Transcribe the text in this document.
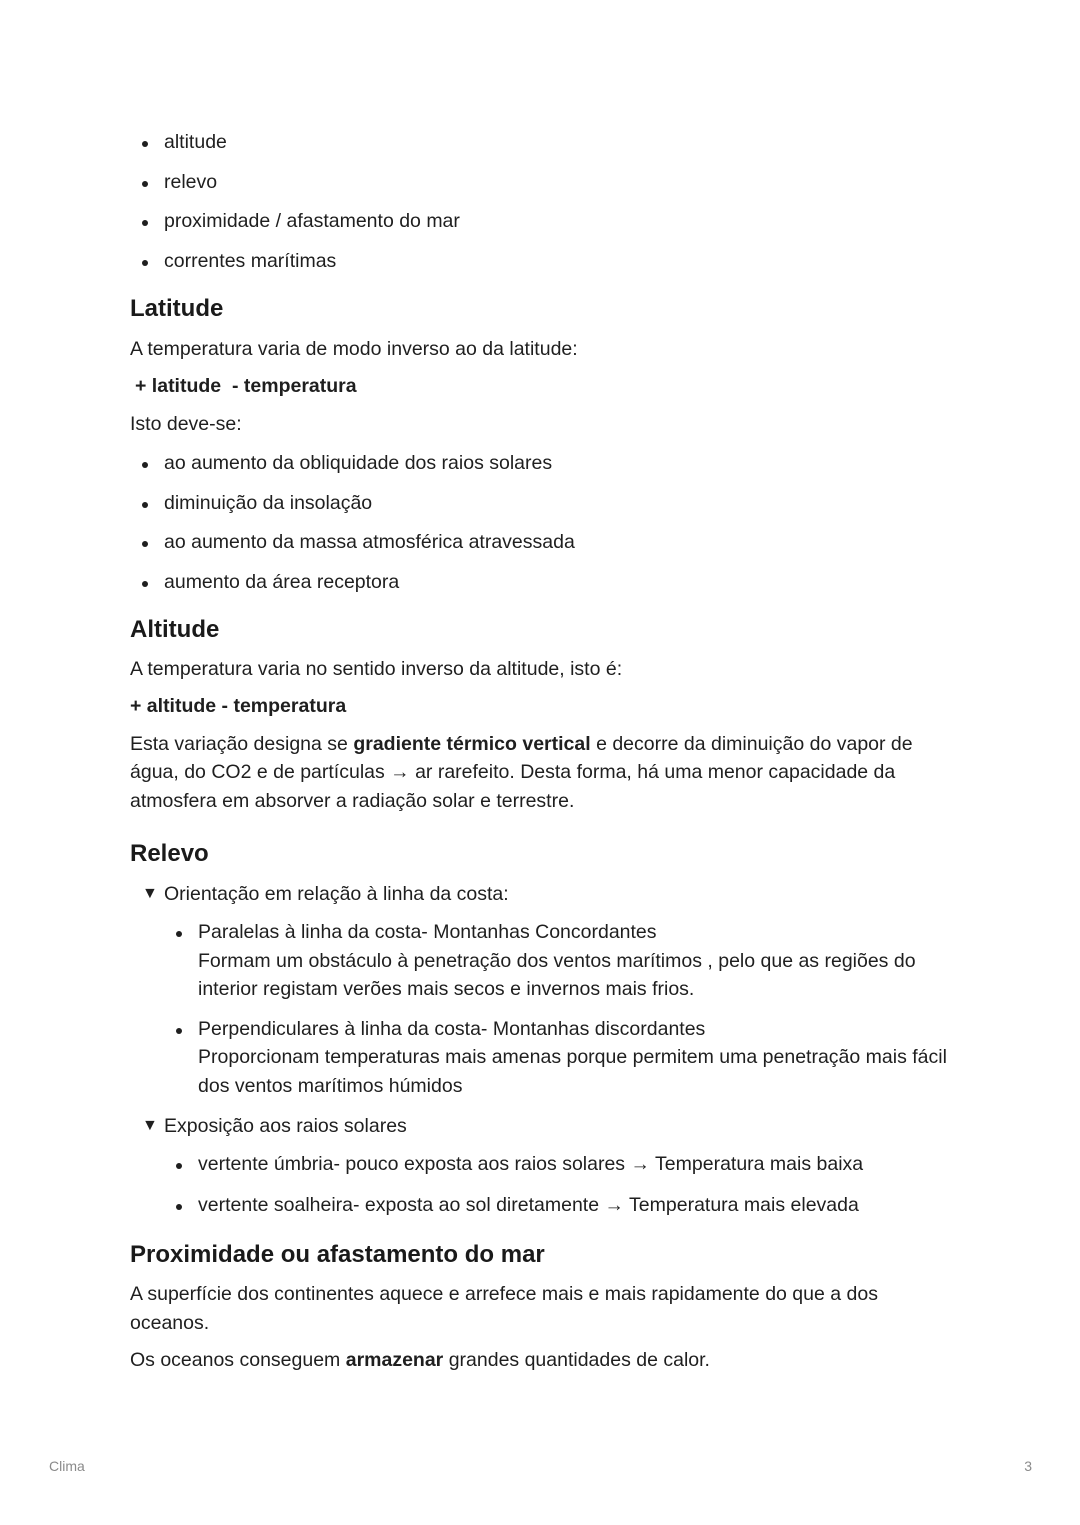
altitude
relevo
proximidade / afastamento do mar
correntes marítimas
Latitude

A temperatura varia de modo inverso ao da latitude:

+ latitude  - temperatura

Isto deve-se:

ao aumento da obliquidade dos raios solares
diminuição da insolação
ao aumento da massa atmosférica atravessada
aumento da área receptora
Altitude

A temperatura varia no sentido inverso da altitude, isto é:

+ altitude - temperatura

Esta variação designa se gradiente térmico vertical e decorre da diminuição do vapor de água, do CO2 e de partículas → ar rarefeito. Desta forma, há uma menor capacidade da atmosfera em absorver a radiação solar e terrestre.

Relevo
▼ Orientação em relação à linha da costa:
Paralelas à linha da costa- Montanhas Concordantes
Formam um obstáculo à penetração dos ventos marítimos , pelo que as regiões do interior registam verões mais secos e invernos mais frios.
Perpendiculares à linha da costa- Montanhas discordantes
Proporcionam temperaturas mais amenas porque permitem uma penetração mais fácil dos ventos marítimos húmidos
▼ Exposição aos raios solares
vertente úmbria- pouco exposta aos raios solares → Temperatura mais baixa
vertente soalheira- exposta ao sol diretamente → Temperatura mais elevada
Proximidade ou afastamento do mar

A superfície dos continentes aquece e arrefece mais e mais rapidamente do que a dos oceanos.

Os oceanos conseguem armazenar grandes quantidades de calor.

Clima	3
